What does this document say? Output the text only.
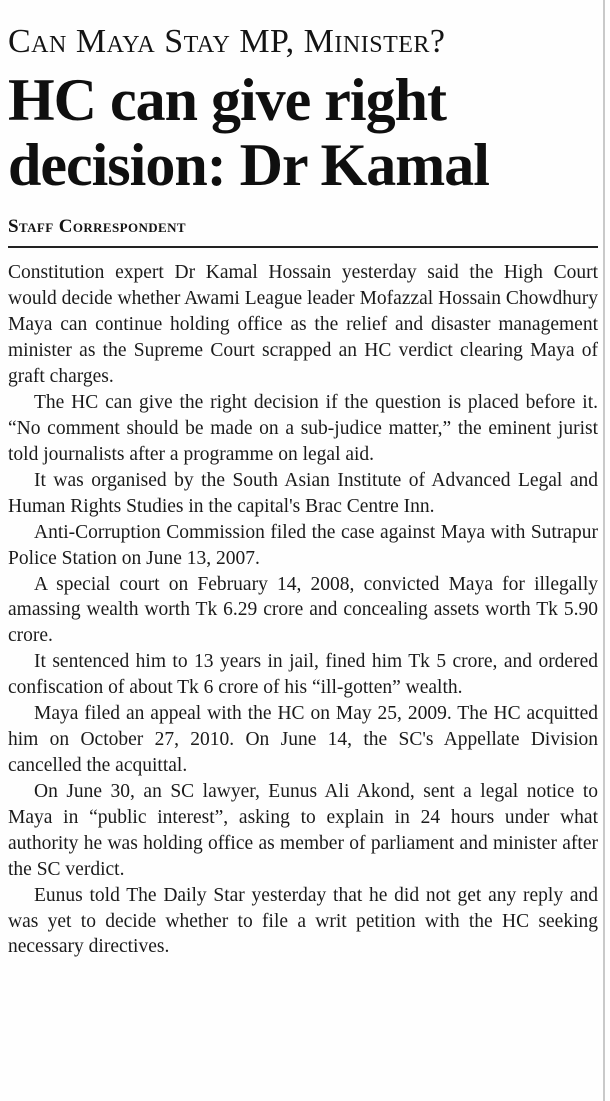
Can Maya Stay MP, Minister?
HC can give right decision: Dr Kamal
Staff Correspondent

Constitution expert Dr Kamal Hossain yesterday said the High Court would decide whether Awami League leader Mofazzal Hossain Chowdhury Maya can continue holding office as the relief and disaster management minister as the Supreme Court scrapped an HC verdict clearing Maya of graft charges.

The HC can give the right decision if the question is placed before it. “No comment should be made on a sub-judice matter,” the eminent jurist told journalists after a programme on legal aid.

It was organised by the South Asian Institute of Advanced Legal and Human Rights Studies in the capital's Brac Centre Inn.

Anti-Corruption Commission filed the case against Maya with Sutrapur Police Station on June 13, 2007.

A special court on February 14, 2008, convicted Maya for illegally amassing wealth worth Tk 6.29 crore and concealing assets worth Tk 5.90 crore.

It sentenced him to 13 years in jail, fined him Tk 5 crore, and ordered confiscation of about Tk 6 crore of his “ill-gotten” wealth.

Maya filed an appeal with the HC on May 25, 2009. The HC acquitted him on October 27, 2010. On June 14, the SC's Appellate Division cancelled the acquittal.

On June 30, an SC lawyer, Eunus Ali Akond, sent a legal notice to Maya in “public interest”, asking to explain in 24 hours under what authority he was holding office as member of parliament and minister after the SC verdict.

Eunus told The Daily Star yesterday that he did not get any reply and was yet to decide whether to file a writ petition with the HC seeking necessary directives.
